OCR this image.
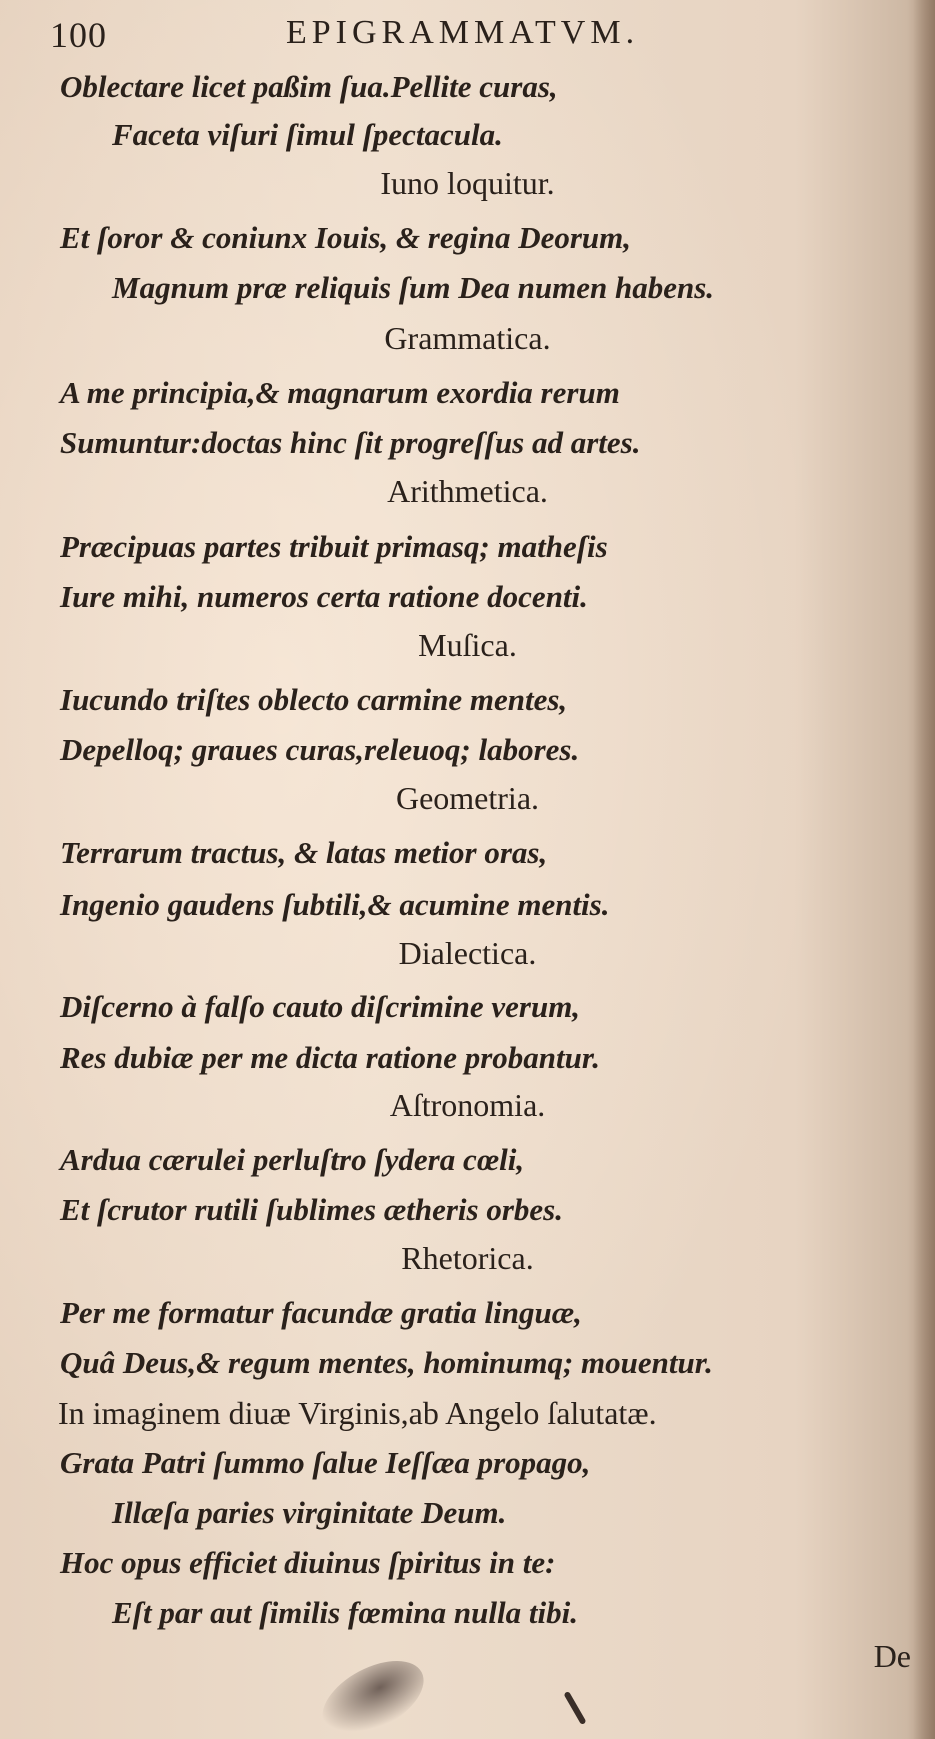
100	EPIGRAMMATVM.
Oblectare licet paßim ſua.Pellite curas,
Faceta viſuri ſimul ſpectacula.
Iuno loquitur.
Et ſoror & coniunx Iouis, & regina Deorum,
Magnum præ reliquis ſum Dea numen habens.
Grammatica.
A me principia,& magnarum exordia rerum
Sumuntur:doctas hinc ſit progreſſus ad artes.
Arithmetica.
Præcipuas partes tribuit primasq; matheſis
Iure mihi, numeros certa ratione docenti.
Muſica.
Iucundo triſtes oblecto carmine mentes,
Depelloq; graues curas,releuoq; labores.
Geometria.
Terrarum tractus, & latas metior oras,
Ingenio gaudens ſubtili,& acumine mentis.
Dialectica.
Diſcerno à falſo cauto diſcrimine verum,
Res dubiæ per me dicta ratione probantur.
Aſtronomia.
Ardua cærulei perluſtro ſydera cœli,
Et ſcrutor rutili ſublimes ætheris orbes.
Rhetorica.
Per me formatur facundæ gratia linguæ,
Quâ Deus,& regum mentes, hominumq; mouentur.
In imaginem diuæ Virginis,ab Angelo ſalutatæ.
Grata Patri ſummo ſalue Ieſſæa propago,
Illæſa paries virginitate Deum.
Hoc opus efficiet diuinus ſpiritus in te:
Eſt par aut ſimilis fœmina nulla tibi.
De
